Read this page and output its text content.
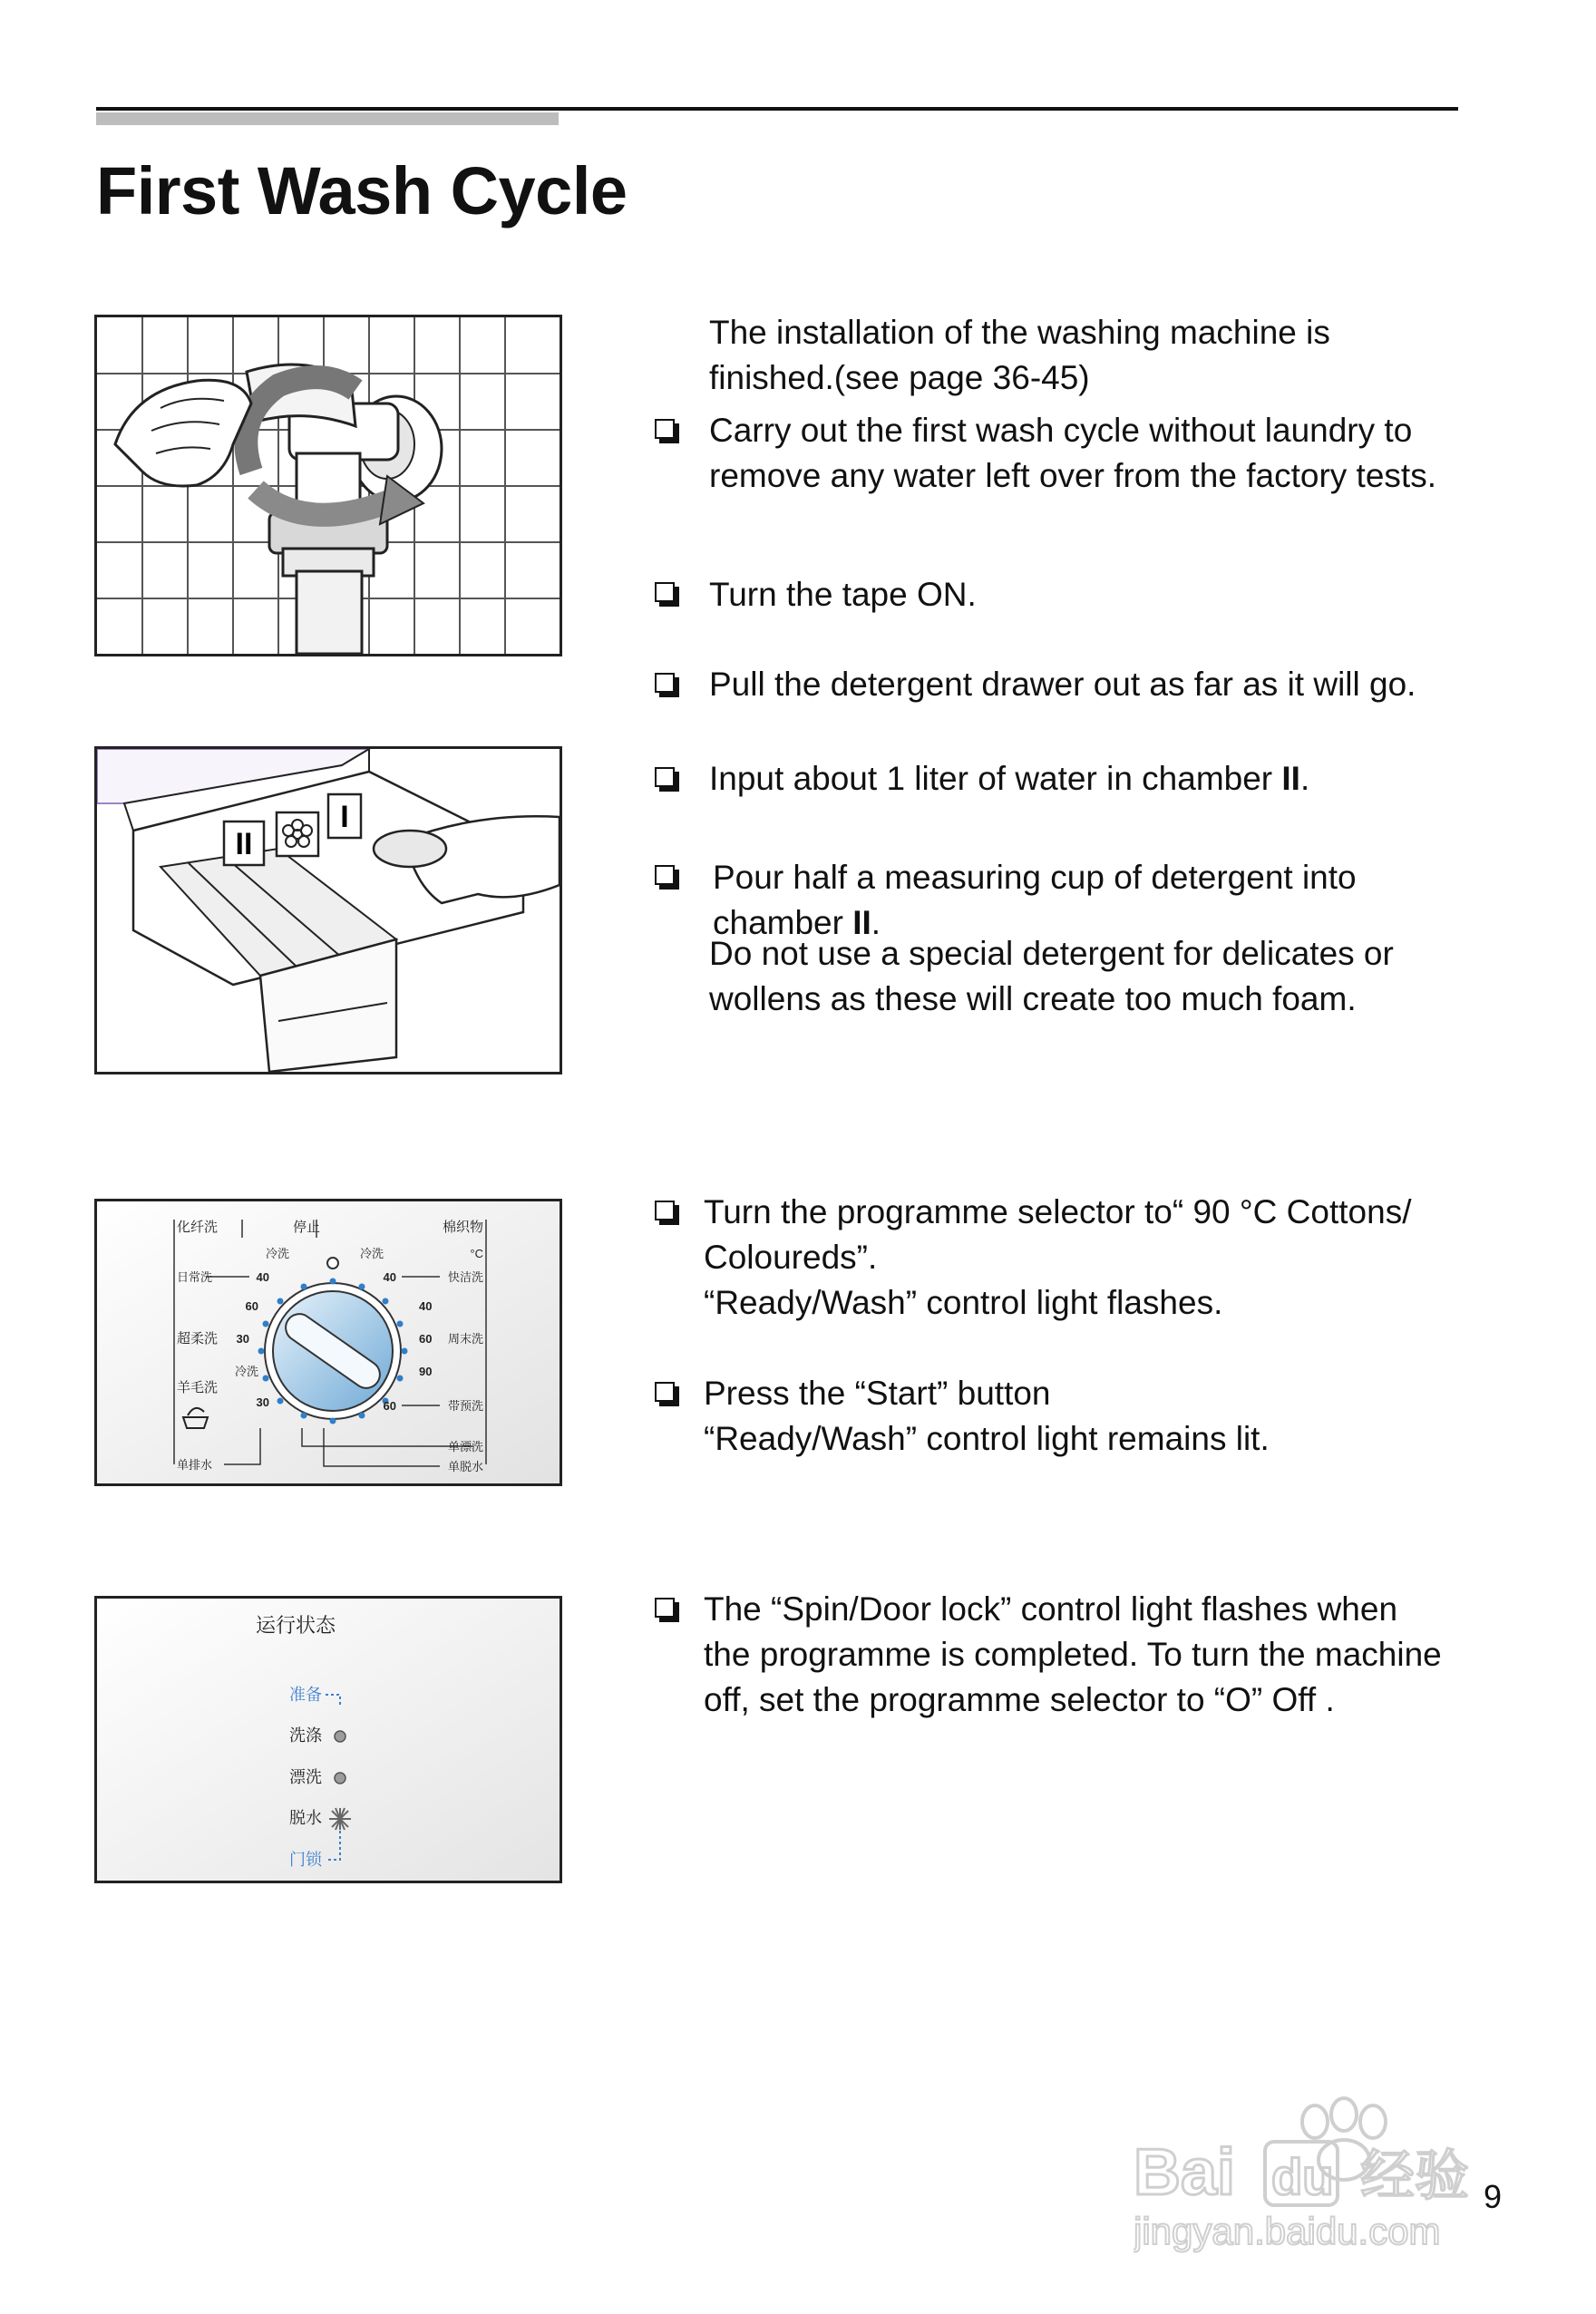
First Wash Cycle
II
I
化纤洗	停止	棉织物
冷洗	冷洗	°C
日常洗	40	40	快洁洗
60	40
超柔洗 30	60 周末洗
冷洗	90
羊毛洗
30	60	带预洗
单漂洗
单排水	单脱水
运行状态
准备
洗涤
漂洗
脱水
门锁
The installation of the washing machine is finished.(see page 36-45)
Carry out the first wash cycle without laundry to remove any water left over from the factory tests.
Turn the tape ON.
Pull the detergent drawer out as far as it will go.
Input about 1 liter of water in chamber II.
Pour half a measuring cup of detergent into chamber II.
Do not use a special detergent for delicates or wollens as these will create too much foam.
Turn the programme selector to“ 90 °C Cottons/
Coloureds”.
“Ready/Wash” control light flashes.
Press the “Start” button
“Ready/Wash” control light remains lit.
The “Spin/Door lock” control light flashes when
the programme is completed. To turn the machine
off, set the programme selector to “O” Off .
Bai du 经验
jingyan.baidu.com
9
